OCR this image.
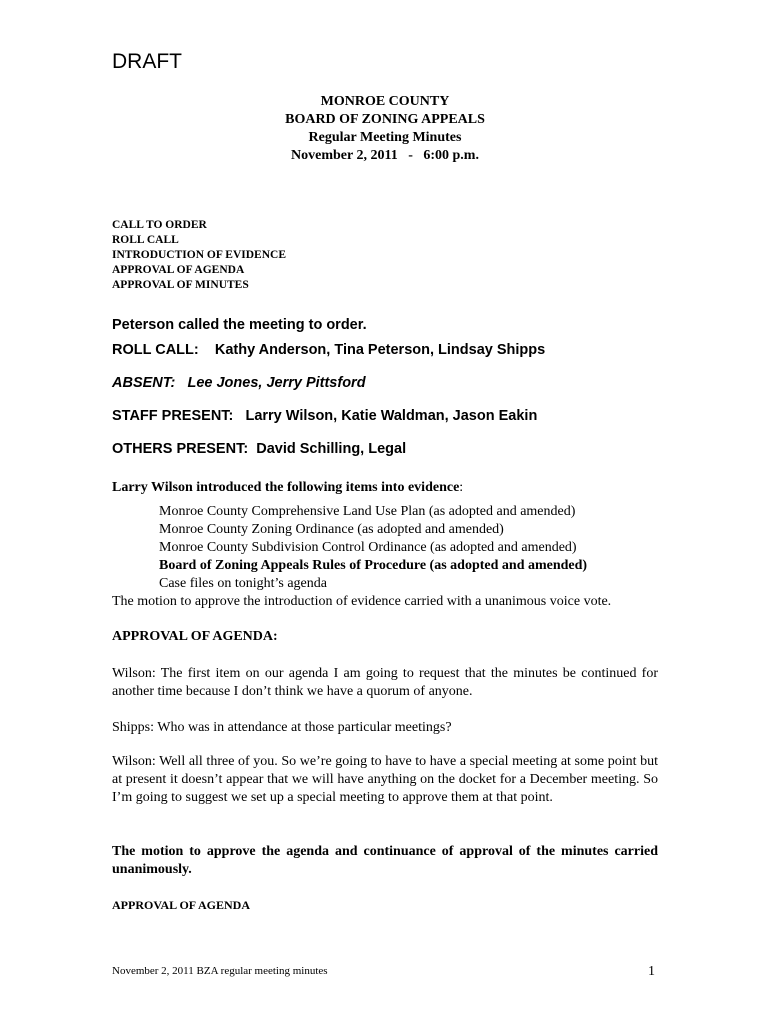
DRAFT
MONROE COUNTY
BOARD OF ZONING APPEALS
Regular Meeting Minutes
November 2, 2011   -   6:00 p.m.
CALL TO ORDER
ROLL CALL
INTRODUCTION OF EVIDENCE
APPROVAL OF AGENDA
APPROVAL OF MINUTES
Peterson called the meeting to order.
ROLL CALL: Kathy Anderson, Tina Peterson, Lindsay Shipps
ABSENT: Lee Jones, Jerry Pittsford
STAFF PRESENT: Larry Wilson, Katie Waldman, Jason Eakin
OTHERS PRESENT: David Schilling, Legal
Larry Wilson introduced the following items into evidence:
Monroe County Comprehensive Land Use Plan (as adopted and amended)
Monroe County Zoning Ordinance (as adopted and amended)
Monroe County Subdivision Control Ordinance (as adopted and amended)
Board of Zoning Appeals Rules of Procedure (as adopted and amended)
Case files on tonight’s agenda
The motion to approve the introduction of evidence carried with a unanimous voice vote.
APPROVAL OF AGENDA:
Wilson: The first item on our agenda I am going to request that the minutes be continued for another time because I don’t think we have a quorum of anyone.
Shipps: Who was in attendance at those particular meetings?
Wilson: Well all three of you. So we’re going to have to have a special meeting at some point but at present it doesn’t appear that we will have anything on the docket for a December meeting. So I’m going to suggest we set up a special meeting to approve them at that point.
The motion to approve the agenda and continuance of approval of the minutes carried unanimously.
APPROVAL OF AGENDA
November 2, 2011 BZA regular meeting minutes	1
